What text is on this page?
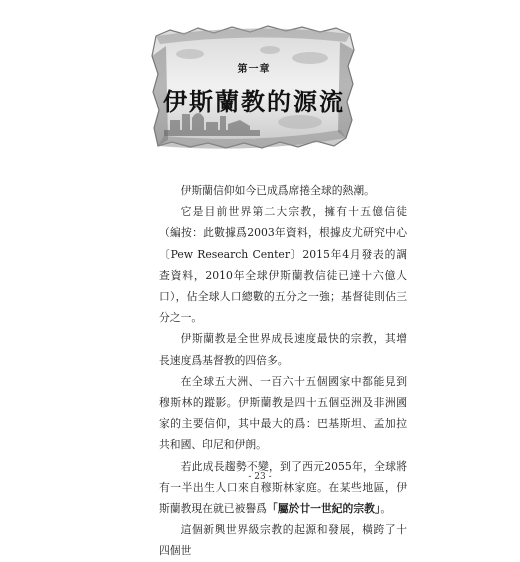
第一章
伊斯蘭教的源流

伊斯蘭信仰如今已成爲席捲全球的熱潮。

它是目前世界第二大宗教，擁有十五億信徒（編按：此數據爲2003年資料，根據皮尤研究中心〔Pew Research Center〕2015年4月發表的調查資料，2010年全球伊斯蘭教信徒已達十六億人口），佔全球人口總數的五分之一強；基督徒則佔三分之一。

伊斯蘭教是全世界成長速度最快的宗教，其增長速度爲基督教的四倍多。

在全球五大洲、一百六十五個國家中都能見到穆斯林的蹤影。伊斯蘭教是四十五個亞洲及非洲國家的主要信仰，其中最大的爲：巴基斯坦、孟加拉共和國、印尼和伊朗。

若此成長趨勢不變，到了西元2055年，全球將有一半出生人口來自穆斯林家庭。在某些地區，伊斯蘭教現在就已被譽爲「屬於廿一世紀的宗教」。

這個新興世界級宗教的起源和發展，橫跨了十四個世

- 23 -
